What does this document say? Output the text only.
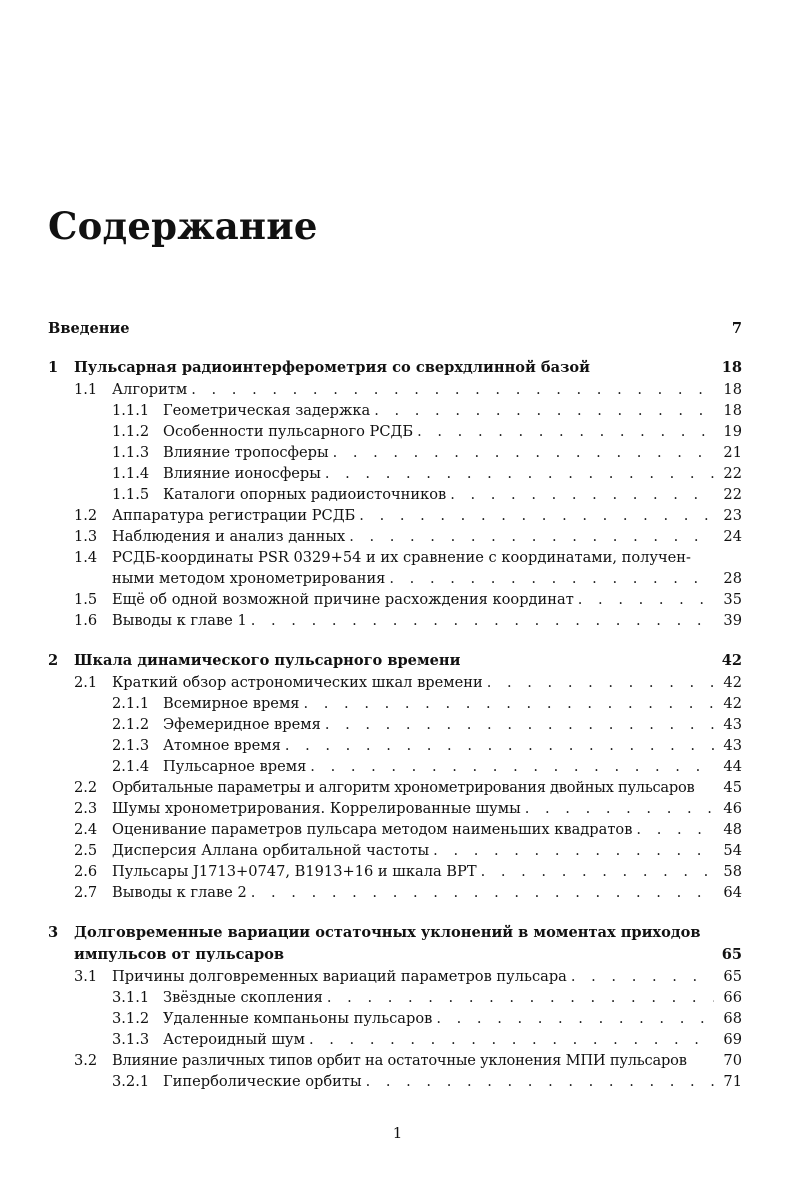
Содержание
Введение	7
1	Пульсарная радиоинтерферометрия со сверхдлинной базой	18
1.1	Алгоритм . . .	18
1.1.1 Геометрическая задержка . . .	18
1.1.2 Особенности пульсарного РСДБ . . .	19
1.1.3 Влияние тропосферы . . .	21
1.1.4 Влияние ионосферы . . .	22
1.1.5 Каталоги опорных радиоисточников . . .	22
1.2	Аппаратура регистрации РСДБ . . .	23
1.3	Наблюдения и анализ данных . . .	24
1.4	РСДБ-координаты PSR 0329+54 и их сравнение с координатами, получен-
ными методом хронометрирования . . .	28
1.5	Ещё об одной возможной причине расхождения координат . . .	35
1.6	Выводы к главе 1 . . .	39
2	Шкала динамического пульсарного времени	42
2.1	Краткий обзор астрономических шкал времени . . .	42
2.1.1 Всемирное время . . .	42
2.1.2 Эфемеридное время . . .	43
2.1.3 Атомное время . . .	43
2.1.4 Пульсарное время . . .	44
2.2	Орбитальные параметры и алгоритм хронометрирования двойных пульсаров	45
2.3	Шумы хронометрирования. Коррелированные шумы . . .	46
2.4	Оценивание параметров пульсара методом наименьших квадратов . . .	48
2.5	Дисперсия Аллана орбитальной частоты . . .	54
2.6	Пульсары J1713+0747, B1913+16 и шкала BPT . . .	58
2.7	Выводы к главе 2 . . .	64
3	Долговременные вариации остаточных уклонений в моментах приходов
импульсов от пульсаров	65
3.1	Причины долговременных вариаций параметров пульсара . . .	65
3.1.1 Звёздные скопления . . .	66
3.1.2 Удаленные компаньоны пульсаров . . .	68
3.1.3 Астероидный шум . . .	69
3.2	Влияние различных типов орбит на остаточные уклонения МПИ пульсаров	70
3.2.1 Гиперболические орбиты . . .	71
1
